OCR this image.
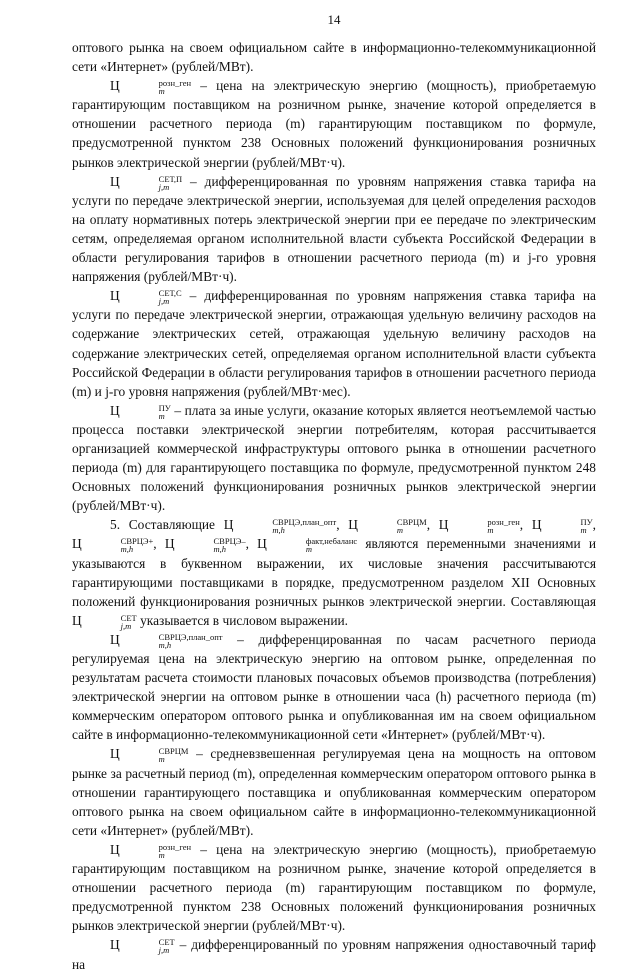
14

оптового рынка на своем официальном сайте в информационно-телекоммуникационной сети «Интернет» (рублей/МВт).

Ц	розн_ген
m	– цена на электрическую энергию (мощность), приобретаемую гарантирующим поставщиком на розничном рынке, значение которой определяется в отношении расчетного периода (m) гарантирующим поставщиком по формуле, предусмотренной пунктом 238 Основных положений функционирования розничных рынков электрической энергии (рублей/МВт·ч).

Ц	СЕТ,П
j,m – дифференцированная по уровням напряжения ставка тарифа на услуги по передаче электрической энергии, используемая для целей определения расходов на оплату нормативных потерь электрической энергии при ее передаче по электрическим сетям, определяемая органом исполнительной власти субъекта Российской Федерации в области регулирования тарифов в отношении расчетного периода (m) и j-го уровня напряжения (рублей/МВт·ч).

Ц	СЕТ,С
j,m – дифференцированная по уровням напряжения ставка тарифа на услуги по передаче электрической энергии, отражающая удельную величину расходов на содержание электрических сетей, отражающая удельную величину расходов на содержание электрических сетей, определяемая органом исполнительной власти субъекта Российской Федерации в области регулирования тарифов в отношении расчетного периода (m) и j-го уровня напряжения (рублей/МВт·мес).

Ц	ПУ
m – плата за иные услуги, оказание которых является неотъемлемой частью процесса поставки электрической энергии потребителям, которая рассчитывается организацией коммерческой инфраструктуры оптового рынка в отношении расчетного периода (m) для гарантирующего поставщика по формуле, предусмотренной пунктом 248 Основных положений функционирования розничных рынков электрической энергии (рублей/МВт·ч).

5. Составляющие Ц	СВРЦЭ,план_опт
m,h	, Ц	СВРЦМ
m	, Ц	розн_ген
m	, Ц	ПУ
m , Ц	СВРЦЭ+
m,h	, Ц	СВРЦЭ–
m,h	, Ц	факт,небаланс
m	являются переменными значениями и указываются в буквенном выражении, их числовые значения рассчитываются гарантирующими поставщиками в порядке, предусмотренном разделом XII Основных положений функционирования розничных рынков электрической энергии. Составляющая Ц	СЕТ
j,m указывается в числовом выражении.

Ц	СВРЦЭ,план_опт
m,h	– дифференцированная по часам расчетного периода регулируемая цена на электрическую энергию на оптовом рынке, определенная по результатам расчета стоимости плановых почасовых объемов производства (потребления) электрической энергии на оптовом рынке в отношении часа (h) расчетного периода (m) коммерческим оператором оптового рынка и опубликованная им на своем официальном сайте в информационно-телекоммуникационной сети «Интернет» (рублей/МВт·ч).

Ц	СВРЦМ
m	– средневзвешенная регулируемая цена на мощность на оптовом рынке за расчетный период (m), определенная коммерческим оператором оптового рынка в отношении гарантирующего поставщика и опубликованная коммерческим оператором оптового рынка на своем официальном сайте в информационно-телекоммуникационной сети «Интернет» (рублей/МВт).

Ц	розн_ген
m	– цена на электрическую энергию (мощность), приобретаемую гарантирующим поставщиком на розничном рынке, значение которой определяется в отношении расчетного периода (m) гарантирующим поставщиком по формуле, предусмотренной пунктом 238 Основных положений функционирования розничных рынков электрической энергии (рублей/МВт·ч).

Ц	СЕТ
j,m – дифференцированный по уровням напряжения одноставочный тариф на
